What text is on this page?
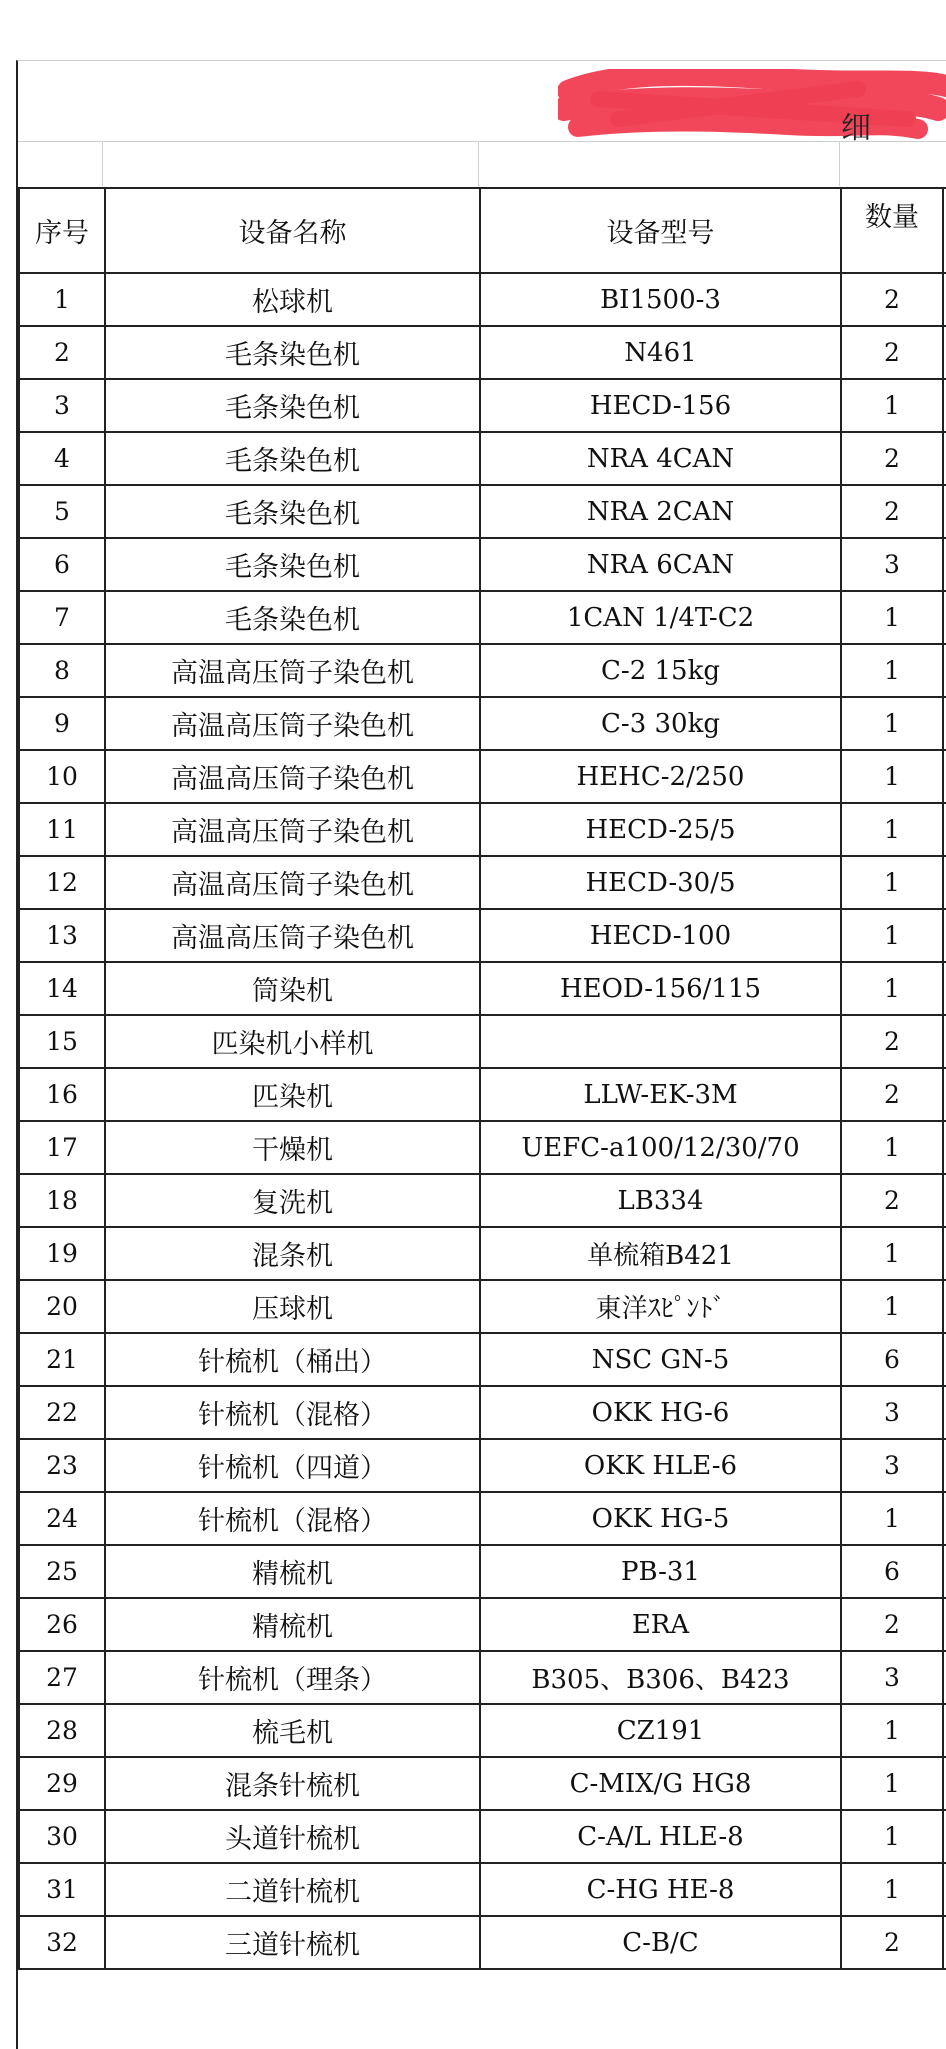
细
序号	设备名称	设备型号	数量	
1	松球机	BI1500-3	2	
2	毛条染色机	N461	2	
3	毛条染色机	HECD-156	1	
4	毛条染色机	NRA 4CAN	2	
5	毛条染色机	NRA 2CAN	2	
6	毛条染色机	NRA 6CAN	3	
7	毛条染色机	1CAN 1/4T-C2	1	
8	高温高压筒子染色机	C-2 15kg	1	
9	高温高压筒子染色机	C-3 30kg	1	
10	高温高压筒子染色机	HEHC-2/250	1	
11	高温高压筒子染色机	HECD-25/5	1	
12	高温高压筒子染色机	HECD-30/5	1	
13	高温高压筒子染色机	HECD-100	1	
14	筒染机	HEOD-156/115	1	
15	匹染机小样机		2	
16	匹染机	LLW-EK-3M	2	
17	干燥机	UEFC-a100/12/30/70	1	
18	复洗机	LB334	2	
19	混条机	单梳箱B421	1	
20	压球机	東洋ｽﾋﾟﾝﾄﾞ	1	
21	针梳机（桶出）	NSC GN-5	6	
22	针梳机（混格）	OKK HG-6	3	
23	针梳机（四道）	OKK HLE-6	3	
24	针梳机（混格）	OKK HG-5	1	
25	精梳机	PB-31	6	
26	精梳机	ERA	2	
27	针梳机（理条）	B305、B306、B423	3	
28	梳毛机	CZ191	1	
29	混条针梳机	C-MIX/G HG8	1	
30	头道针梳机	C-A/L HLE-8	1	
31	二道针梳机	C-HG HE-8	1	
32	三道针梳机	C-B/C	2	
